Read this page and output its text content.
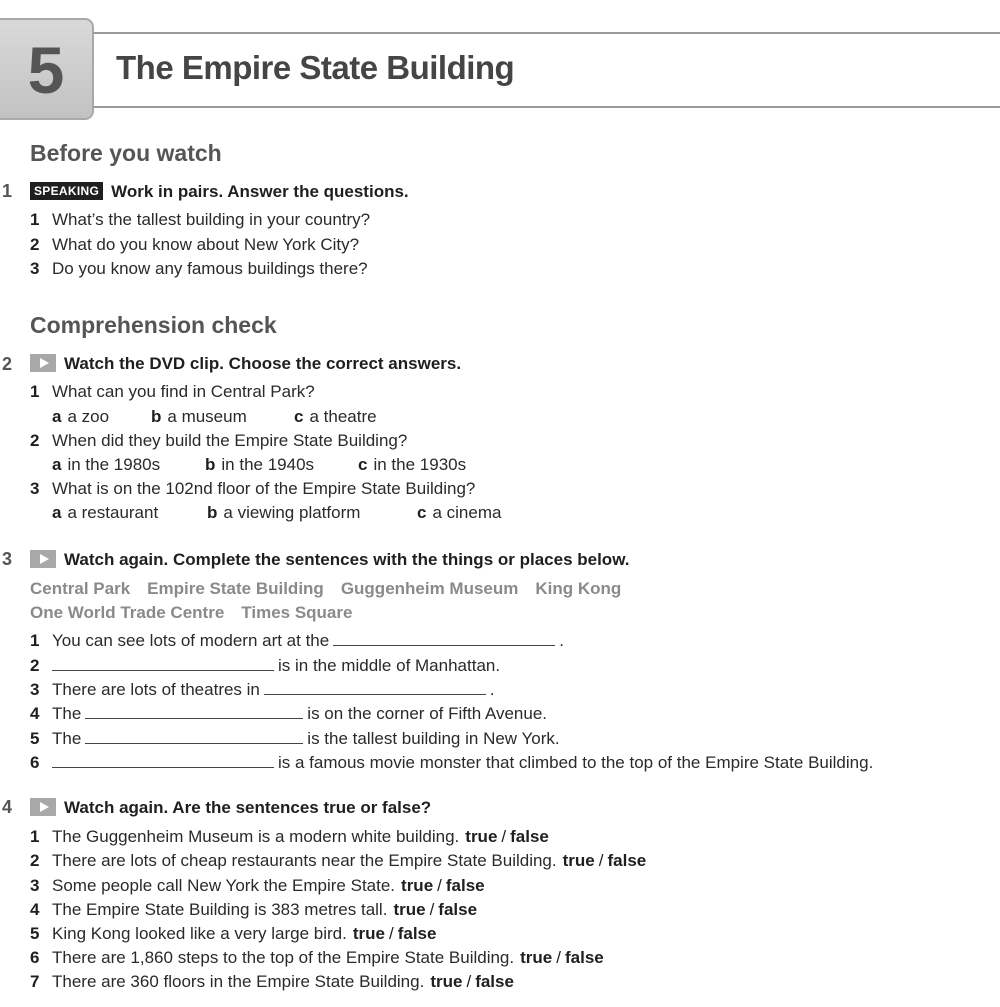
5	The Empire State Building
Before you watch
1	SPEAKING Work in pairs. Answer the questions.
1 What’s the tallest building in your country?
2 What do you know about New York City?
3 Do you know any famous buildings there?
Comprehension check
2	Watch the DVD clip. Choose the correct answers.
1 What can you find in Central Park?
a a zoo b a museum	c a theatre
2 When did they build the Empire State Building?
a in the 1980s	b in the 1940s	c in the 1930s
3 What is on the 102nd floor of the Empire State Building?
a a restaurant	b a viewing platform	c a cinema
3	Watch again. Complete the sentences with the things or places below.
Central Park Empire State Building Guggenheim Museum King Kong
One World Trade Centre Times Square
1 You can see lots of modern art at the	.
2	is in the middle of Manhattan.
3 There are lots of theatres in	.
4 The	is on the corner of Fifth Avenue.
5 The	is the tallest building in New York.
6	is a famous movie monster that climbed to the top of the Empire State Building.
4	Watch again. Are the sentences true or false?
1 The Guggenheim Museum is a modern white building. true / false
2 There are lots of cheap restaurants near the Empire State Building. true / false
3 Some people call New York the Empire State. true / false
4 The Empire State Building is 383 metres tall. true / false
5 King Kong looked like a very large bird. true / false
6 There are 1,860 steps to the top of the Empire State Building. true / false
7 There are 360 floors in the Empire State Building. true / false
